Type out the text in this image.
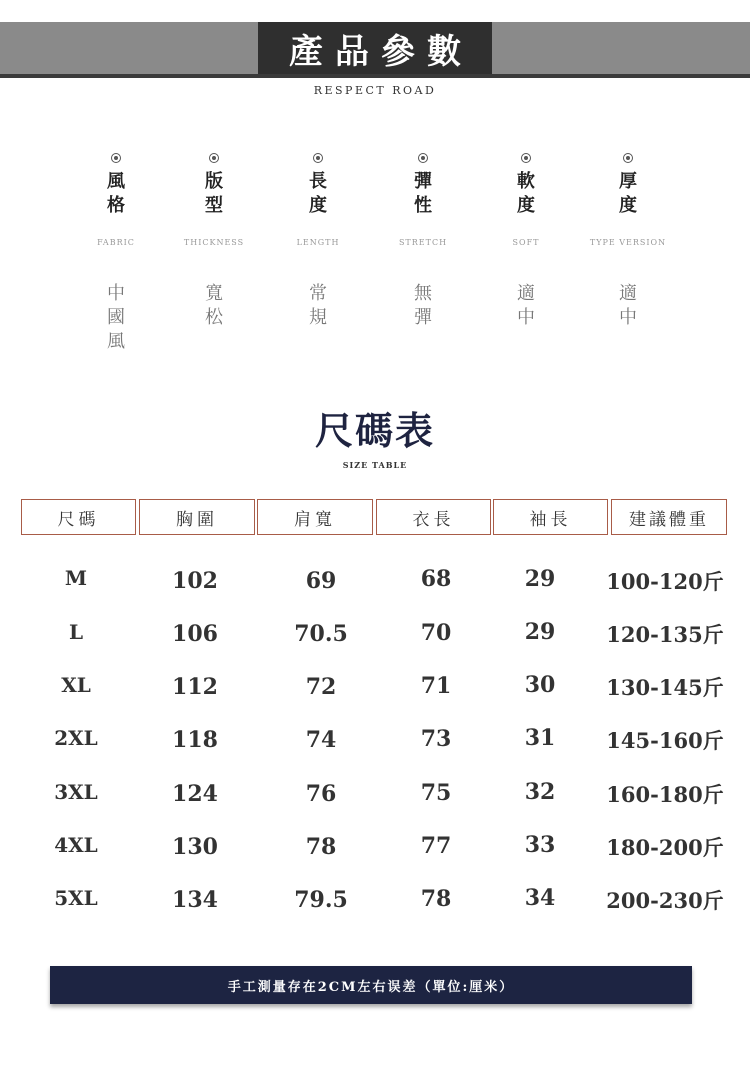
產品參數
RESPECT ROAD
風格
FABRIC
中國風
版型
THICKNESS
寬松
長度
LENGTH
常規
彈性
STRETCH
無彈
軟度
SOFT
適中
厚度
TYPE VERSION
適中
尺碼表
SIZE TABLE
尺碼	胸圍	肩寬	衣長	袖長	建議體重
M	102	69	68	29	100-120斤
L	106	70.5	70	29	120-135斤
XL	112	72	71	30	130-145斤
2XL	118	74	73	31	145-160斤
3XL	124	76	75	32	160-180斤
4XL	130	78	77	33	180-200斤
5XL	134	79.5	78	34	200-230斤
手工測量存在2CM左右误差（單位:厘米）
